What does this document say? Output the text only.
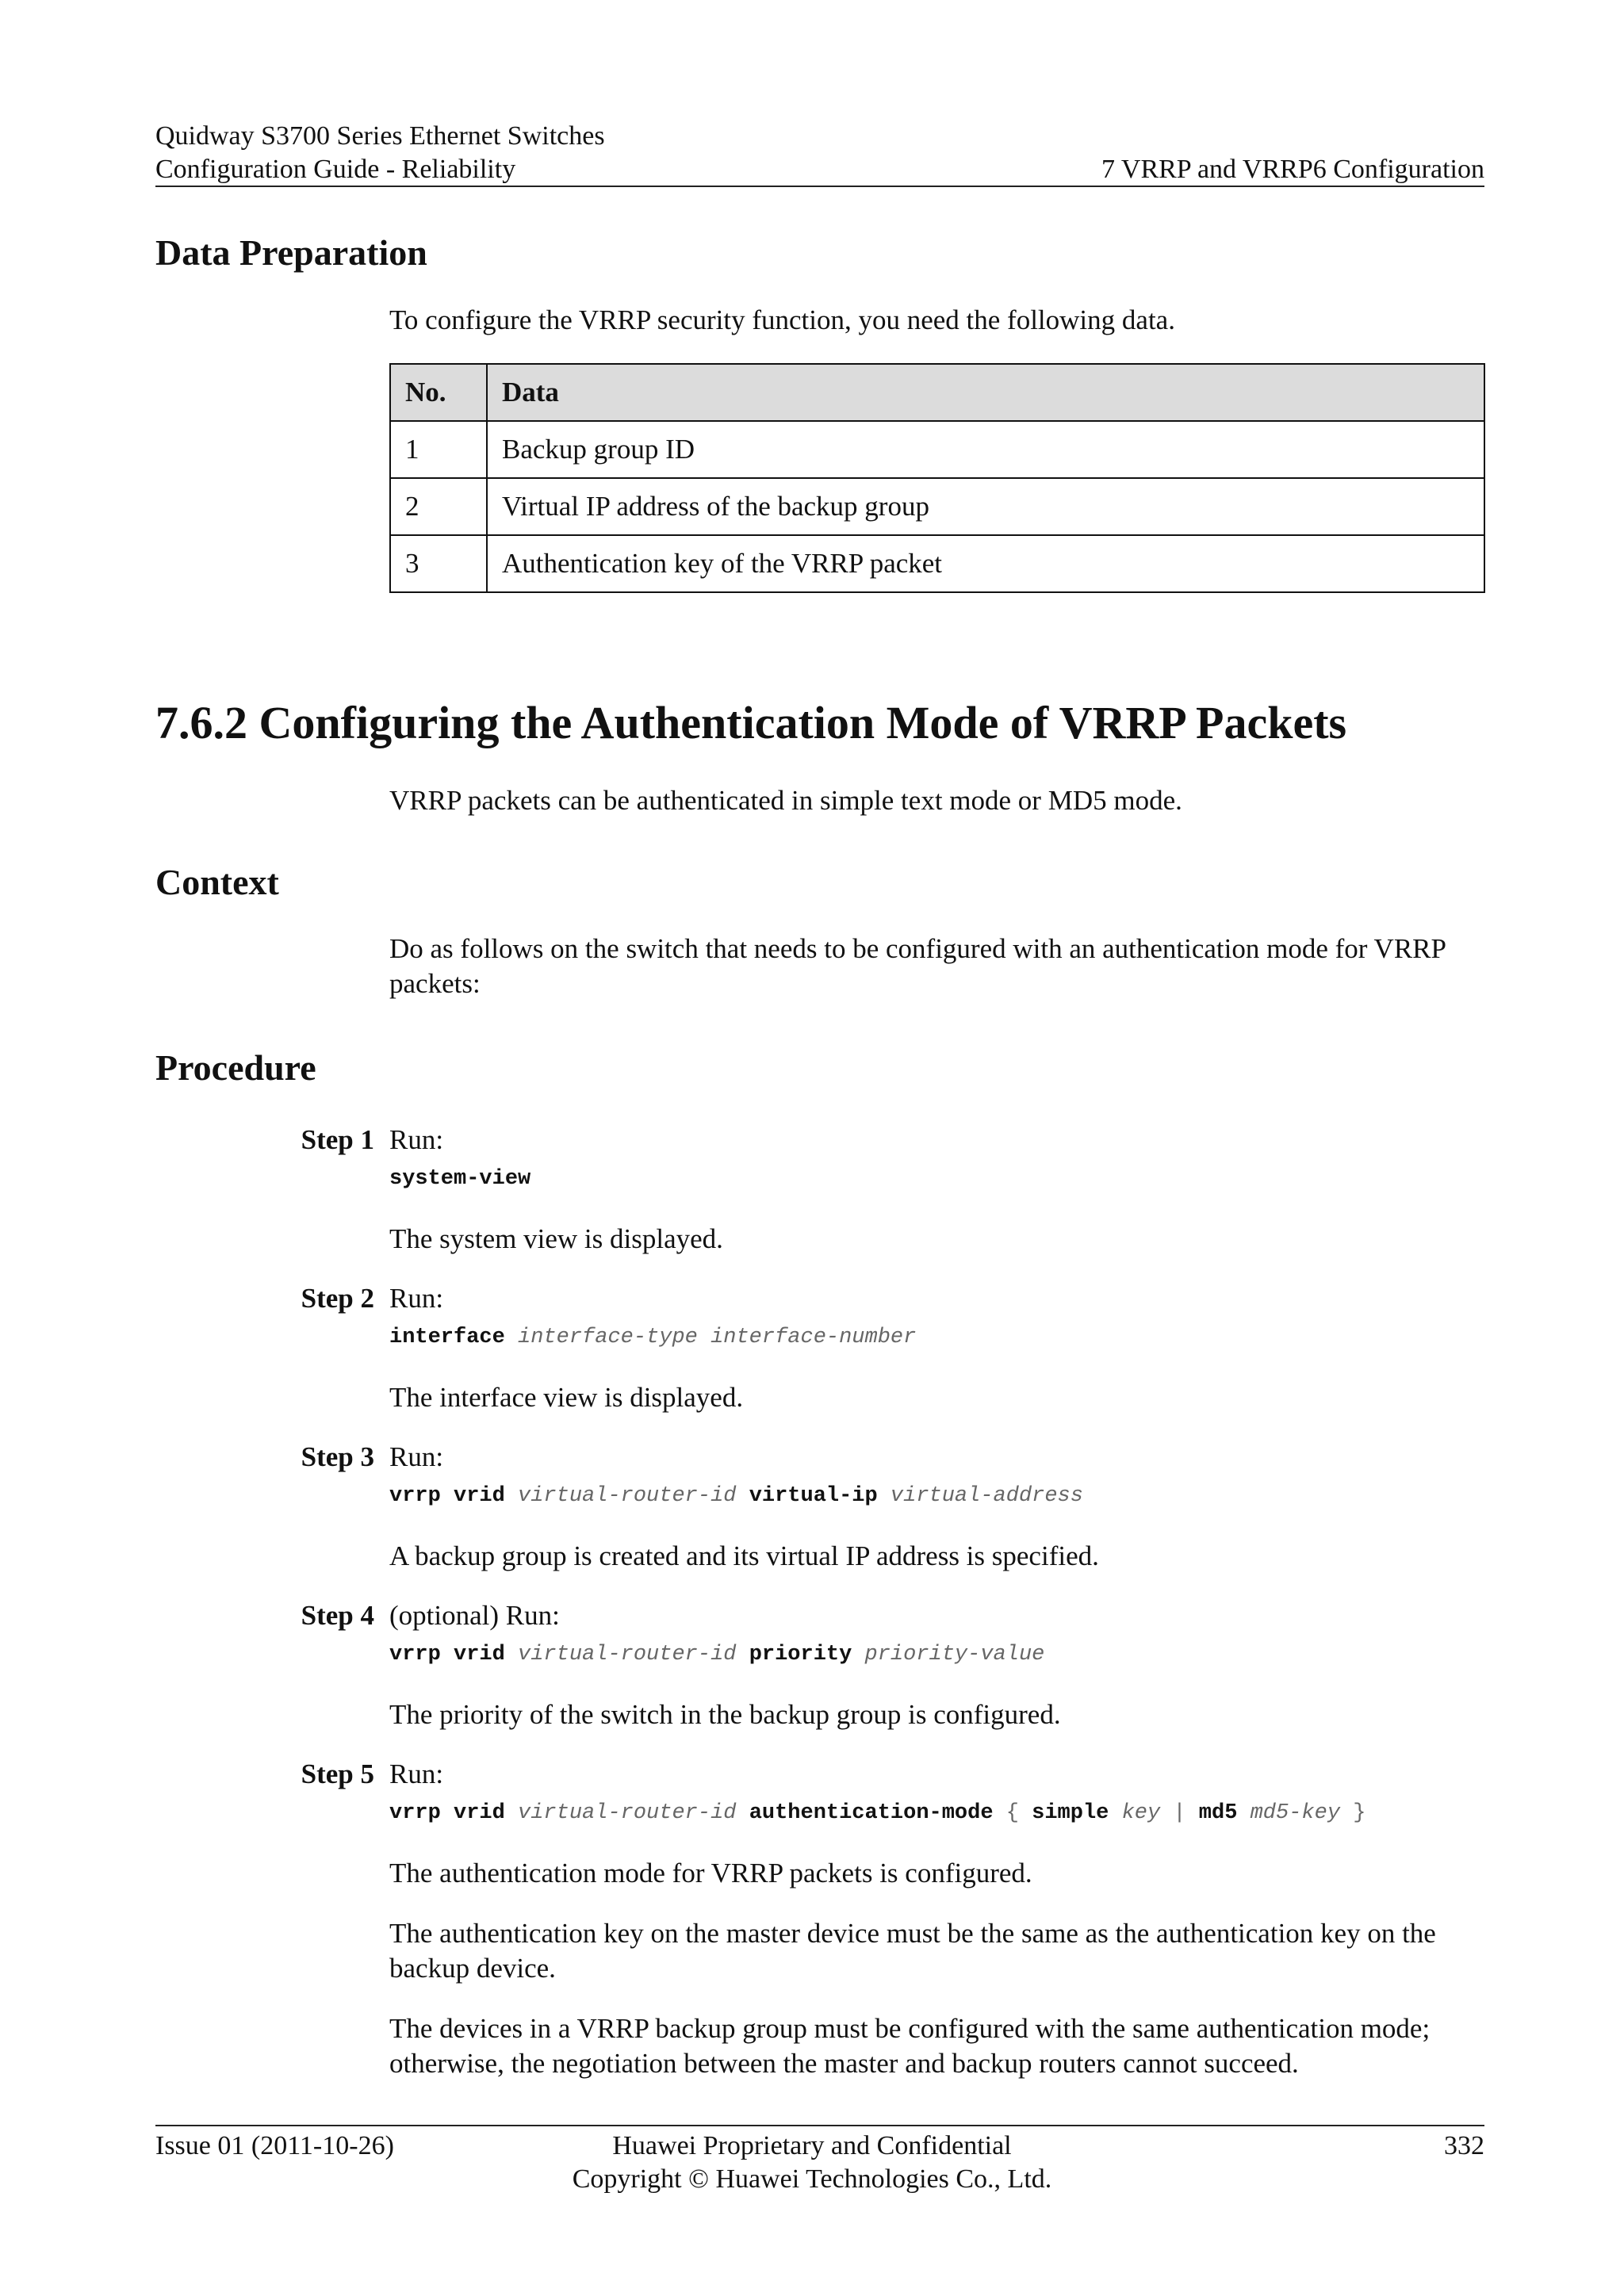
Quidway S3700 Series Ethernet Switches
Configuration Guide - Reliability	7 VRRP and VRRP6 Configuration
Data Preparation
To configure the VRRP security function, you need the following data.
No.	Data
1	Backup group ID
2	Virtual IP address of the backup group
3	Authentication key of the VRRP packet
7.6.2 Configuring the Authentication Mode of VRRP Packets
VRRP packets can be authenticated in simple text mode or MD5 mode.
Context
Do as follows on the switch that needs to be configured with an authentication mode for VRRP packets:
Procedure
Step 1 Run:
system-view
The system view is displayed.
Step 2 Run:
interface interface-type interface-number
The interface view is displayed.
Step 3 Run:
vrrp vrid virtual-router-id virtual-ip virtual-address
A backup group is created and its virtual IP address is specified.
Step 4 (optional) Run:
vrrp vrid virtual-router-id priority priority-value
The priority of the switch in the backup group is configured.
Step 5 Run:
vrrp vrid virtual-router-id authentication-mode { simple key | md5 md5-key }
The authentication mode for VRRP packets is configured.
The authentication key on the master device must be the same as the authentication key on the backup device.
The devices in a VRRP backup group must be configured with the same authentication mode; otherwise, the negotiation between the master and backup routers cannot succeed.
Issue 01 (2011-10-26)	Huawei Proprietary and Confidential
Copyright © Huawei Technologies Co., Ltd.
332
